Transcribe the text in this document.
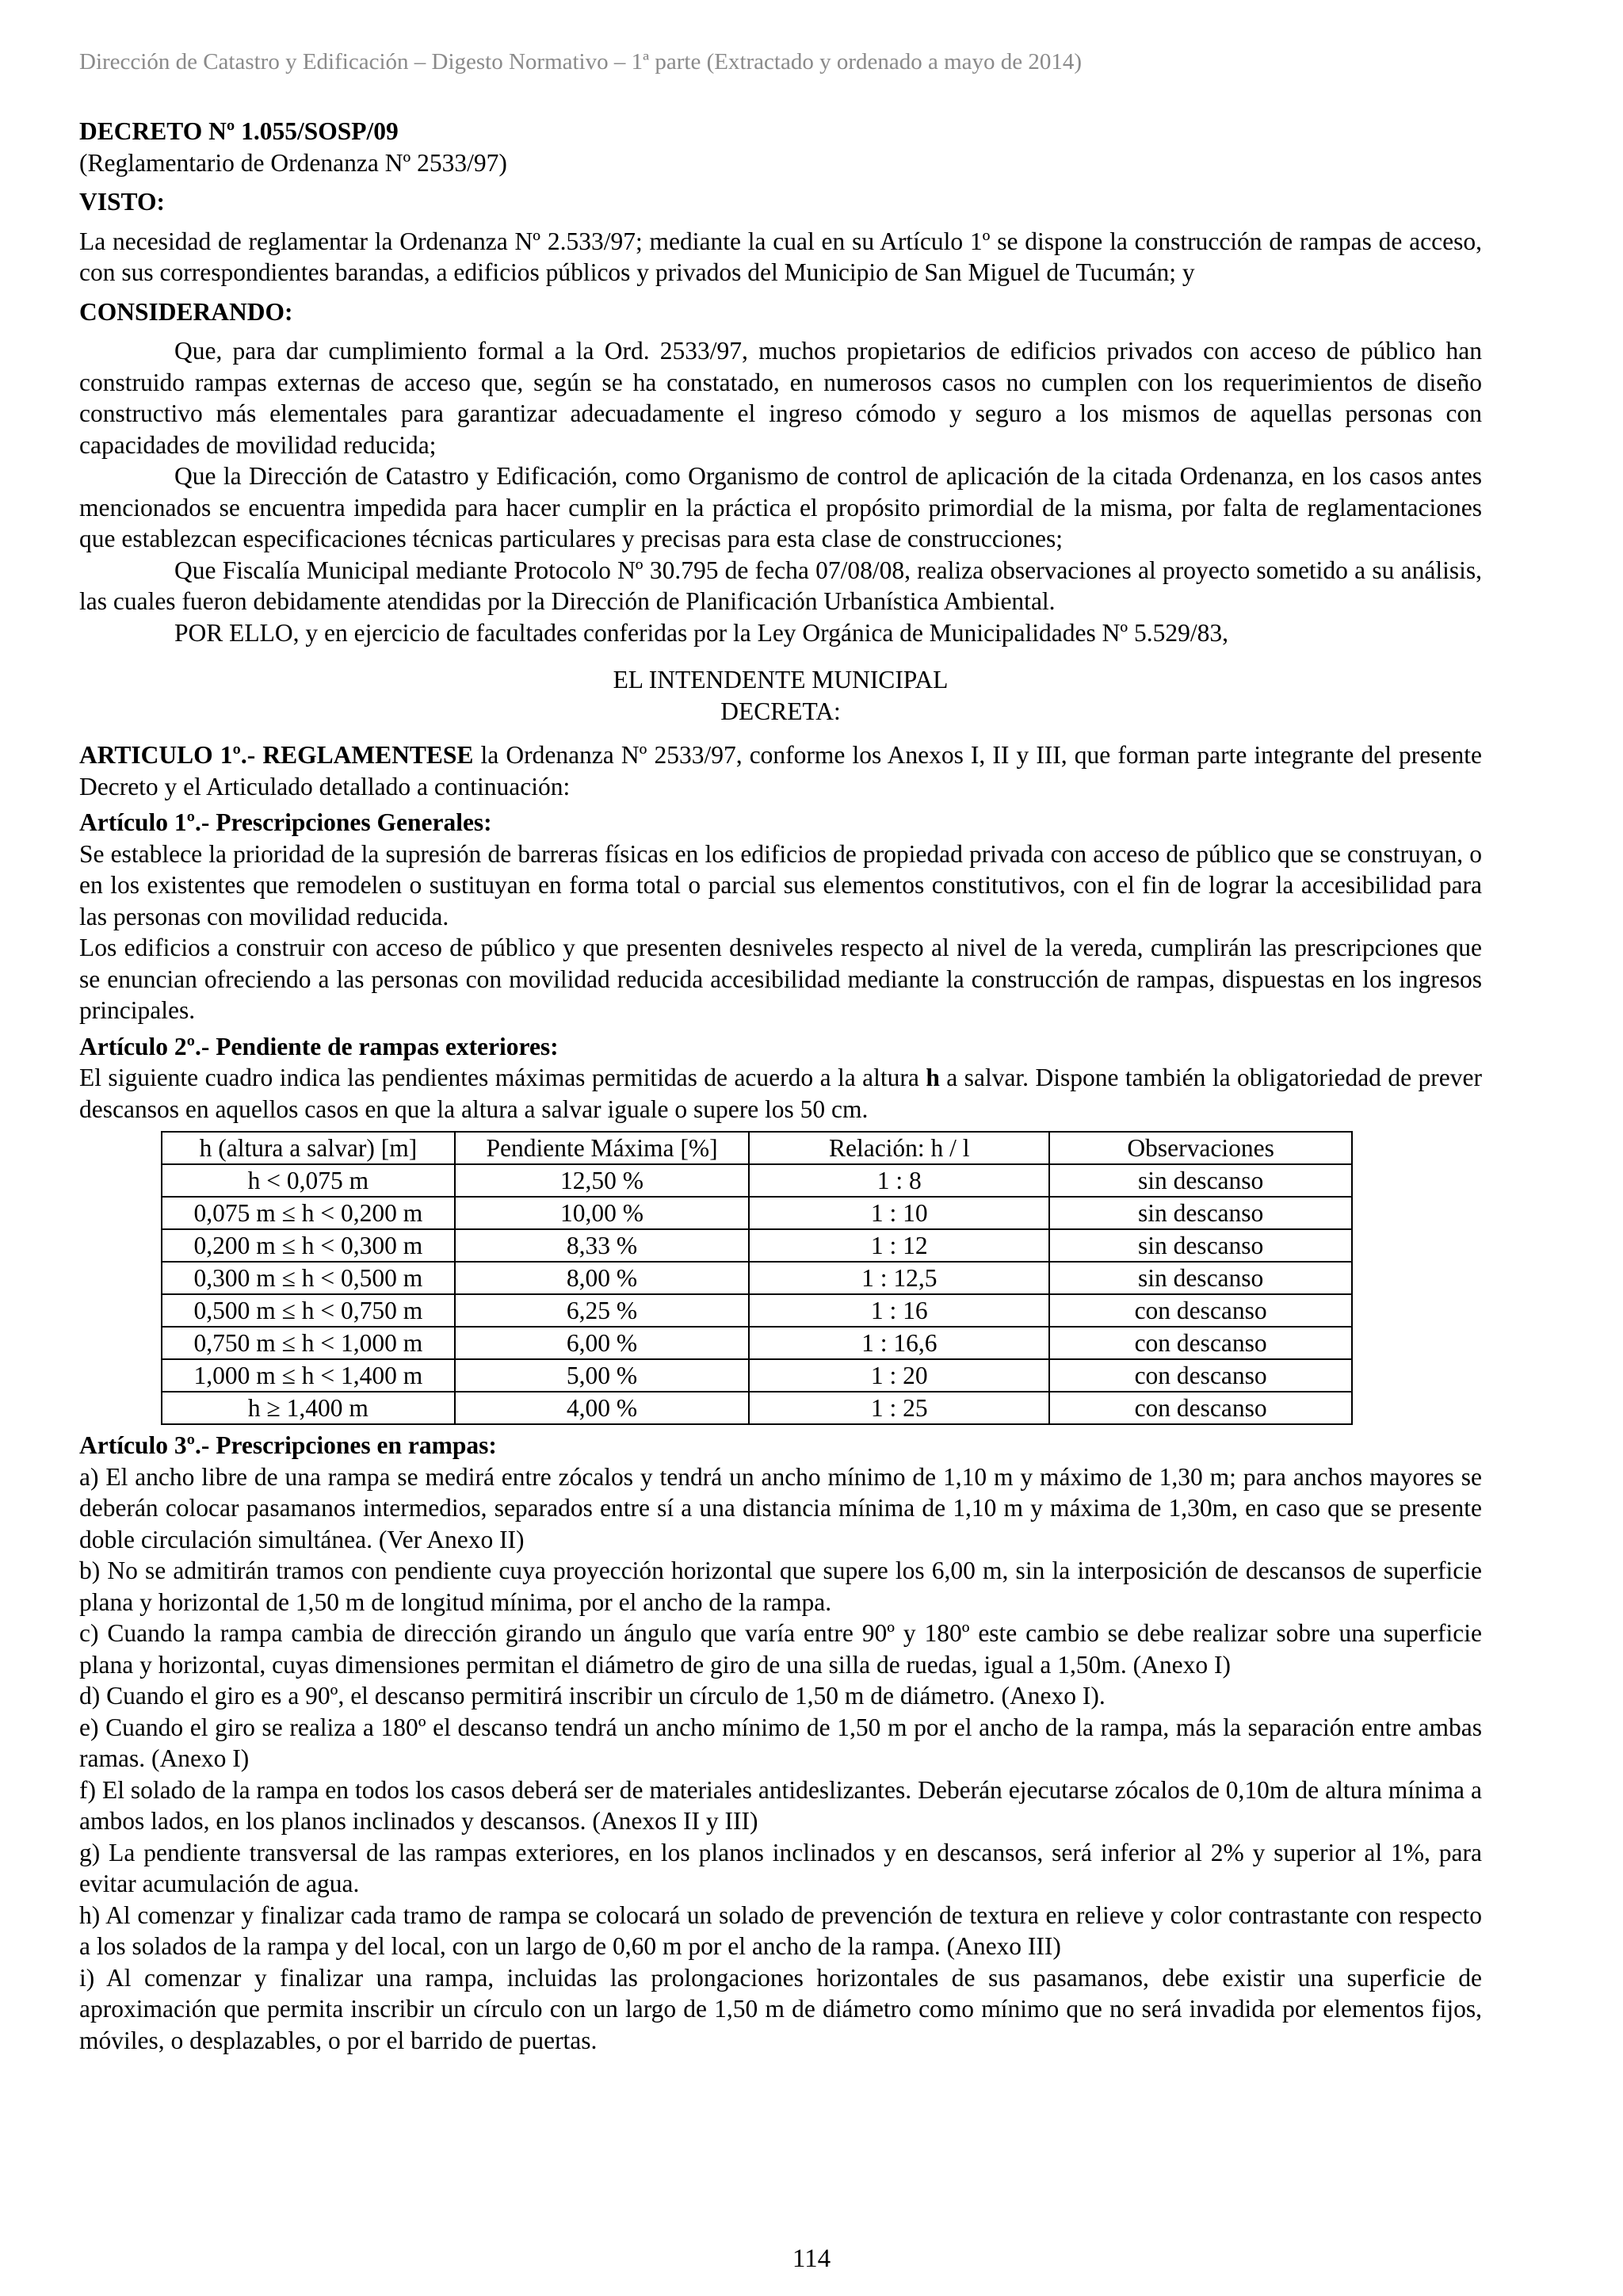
Dirección de Catastro y Edificación – Digesto Normativo – 1ª parte (Extractado y ordenado a mayo de 2014)

DECRETO Nº 1.055/SOSP/09

(Reglamentario de Ordenanza Nº 2533/97)

VISTO:

La necesidad de reglamentar la Ordenanza Nº 2.533/97; mediante la cual en su Artículo 1º se dispone la construcción de rampas de acceso, con sus correspondientes barandas, a edificios públicos y privados del Municipio de San Miguel de Tucumán; y

CONSIDERANDO:

Que, para dar cumplimiento formal a la Ord. 2533/97, muchos propietarios de edificios privados con acceso de público han construido rampas externas de acceso que, según se ha constatado, en numerosos casos no cumplen con los requerimientos de diseño constructivo más elementales para garantizar adecuadamente el ingreso cómodo y seguro a los mismos de aquellas personas con capacidades de movilidad reducida;

Que la Dirección de Catastro y Edificación, como Organismo de control de aplicación de la citada Ordenanza, en los casos antes mencionados se encuentra impedida para hacer cumplir en la práctica el propósito primordial de la misma, por falta de reglamentaciones que establezcan especificaciones técnicas particulares y precisas para esta clase de construcciones;

Que Fiscalía Municipal mediante Protocolo Nº 30.795 de fecha 07/08/08, realiza observaciones al proyecto sometido a su análisis, las cuales fueron debidamente atendidas por la Dirección de Planificación Urbanística Ambiental.

POR ELLO, y en ejercicio de facultades conferidas por la Ley Orgánica de Municipalidades Nº 5.529/83,

EL INTENDENTE MUNICIPAL

DECRETA:

ARTICULO 1º.- REGLAMENTESE la Ordenanza Nº 2533/97, conforme los Anexos I, II y III, que forman parte integrante del presente Decreto y el Articulado detallado a continuación:

Artículo 1º.- Prescripciones Generales:

Se establece la prioridad de la supresión de barreras físicas en los edificios de propiedad privada con acceso de público que se construyan, o en los existentes que remodelen o sustituyan en forma total o parcial sus elementos constitutivos, con el fin de lograr la accesibilidad para las personas con movilidad reducida.

Los edificios a construir con acceso de público y que presenten desniveles respecto al nivel de la vereda, cumplirán las prescripciones que se enuncian ofreciendo a las personas con movilidad reducida accesibilidad mediante la construcción de rampas, dispuestas en los ingresos principales.

Artículo 2º.- Pendiente de rampas exteriores:

El siguiente cuadro indica las pendientes máximas permitidas de acuerdo a la altura h a salvar. Dispone también la obligatoriedad de prever descansos en aquellos casos en que la altura a salvar iguale o supere los 50 cm.

h (altura a salvar) [m]	Pendiente Máxima [%]	Relación: h / l	Observaciones
h < 0,075 m	12,50 %	1 : 8	sin descanso
0,075 m ≤ h < 0,200 m	10,00 %	1 : 10	sin descanso
0,200 m ≤ h < 0,300 m	8,33 %	1 : 12	sin descanso
0,300 m ≤ h < 0,500 m	8,00 %	1 : 12,5	sin descanso
0,500 m ≤ h < 0,750 m	6,25 %	1 : 16	con descanso
0,750 m ≤ h < 1,000 m	6,00 %	1 : 16,6	con descanso
1,000 m ≤ h < 1,400 m	5,00 %	1 : 20	con descanso
h ≥ 1,400 m	4,00 %	1 : 25	con descanso

Artículo 3º.- Prescripciones en rampas:

a) El ancho libre de una rampa se medirá entre zócalos y tendrá un ancho mínimo de 1,10 m y máximo de 1,30 m; para anchos mayores se deberán colocar pasamanos intermedios, separados entre sí a una distancia mínima de 1,10 m y máxima de 1,30m, en caso que se presente doble circulación simultánea. (Ver Anexo II)

b) No se admitirán tramos con pendiente cuya proyección horizontal que supere los 6,00 m, sin la interposición de descansos de superficie plana y horizontal de 1,50 m de longitud mínima, por el ancho de la rampa.

c) Cuando la rampa cambia de dirección girando un ángulo que varía entre 90º y 180º este cambio se debe realizar sobre una superficie plana y horizontal, cuyas dimensiones permitan el diámetro de giro de una silla de ruedas, igual a 1,50m. (Anexo I)

d) Cuando el giro es a 90º, el descanso permitirá inscribir un círculo de 1,50 m de diámetro. (Anexo I).

e) Cuando el giro se realiza a 180º el descanso tendrá un ancho mínimo de 1,50 m por el ancho de la rampa, más la separación entre ambas ramas. (Anexo I)

f) El solado de la rampa en todos los casos deberá ser de materiales antideslizantes. Deberán ejecutarse zócalos de 0,10m de altura mínima a ambos lados, en los planos inclinados y descansos. (Anexos II y III)

g) La pendiente transversal de las rampas exteriores, en los planos inclinados y en descansos, será inferior al 2% y superior al 1%, para evitar acumulación de agua.

h) Al comenzar y finalizar cada tramo de rampa se colocará un solado de prevención de textura en relieve y color contrastante con respecto a los solados de la rampa y del local, con un largo de 0,60 m por el ancho de la rampa. (Anexo III)

i) Al comenzar y finalizar una rampa, incluidas las prolongaciones horizontales de sus pasamanos, debe existir una superficie de aproximación que permita inscribir un círculo con un largo de 1,50 m de diámetro como mínimo que no será invadida por elementos fijos, móviles, o desplazables, o por el barrido de puertas.

114
